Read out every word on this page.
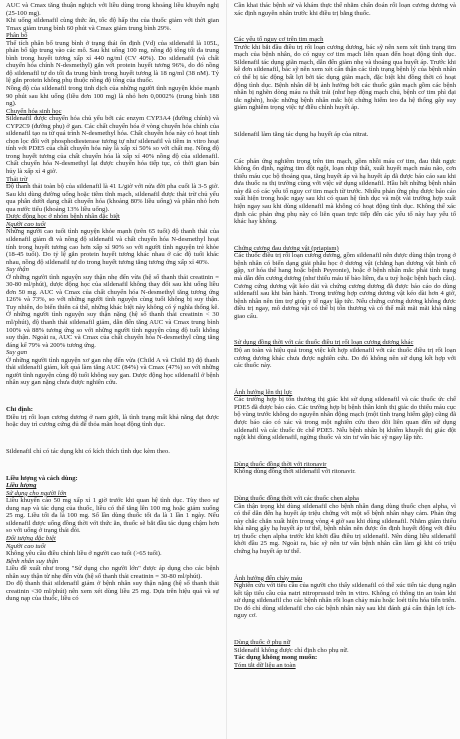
AUC và Cmax tăng thuận nghịch với liều dùng trong khoảng liều khuyến nghị (25-100 mg).

Khi uống sildenafil cùng thức ăn, tốc độ hấp thu của thuốc giảm với thời gian Tmax giảm trung bình 60 phút và Cmax giảm trung bình 29%.

Phân bố

Thể tích phân bố trung bình ở trạng thái ổn định (Vd) của sildenafil là 105L, phản bố tập trung vào các mô. Sau khi uống 100 mg, nồng độ tổng tối đa trung bình trong huyết tương xấp xỉ 440 ng/ml (CV 40%). Do sildenafil (và chất chuyển hóa chính N-desmethyl) gắn với protein huyết tương 96%, do đó nồng độ sildenafil tự do tối đa trung bình trong huyết tương là 18 ng/ml (38 nM). Tỷ lệ gắn protein không phụ thuộc nồng độ tổng của thuốc.

Nồng độ của sildenafil trong tinh dịch của những người tình nguyện khỏe mạnh 90 phút sau khi uống (liều đơn 100 mg) là nhỏ hơn 0,0002% (trung bình 188 ng).

Chuyển hóa sinh học

Sildenafil được chuyển hóa chủ yếu bởi các enzym CYP3A4 (đường chính) và CYP2C9 (đường phụ) ở gan. Các chất chuyển hóa ở vòng chuyển hóa chính của sildenafil tạo ra từ quá trình N-desmethyl hóa. Chất chuyển hóa này có hoạt tính chọn lọc đối với phosphodiesterase tương tự như sildenafil và tiềm in vitro hoạt tính với PDE5 của chất chuyển hóa này là xấp xỉ 50% so với chất mẹ. Nồng độ trong huyết tương của chất chuyển hóa là xấp xỉ 40% nồng độ của sildenafil. Chất chuyển hóa N-desmethyl lại được chuyển hóa tiếp tục, có thời gian bán hủy là xấp xỉ 4 giờ.

Thải trừ

Độ thanh thải toàn bộ của sildenafil là 41 L/giờ với nửa đời pha cuối là 3-5 giờ. Sau khi dùng đường uống hoặc tiêm tĩnh mạch, sildenafil được thải trừ chủ yếu qua phân dưới dạng chất chuyển hóa (khoảng 80% liều uống) và phần nhỏ hơn qua nước tiểu (khoảng 13% liều uống).

Dược động học ở nhóm bệnh nhân đặc biệt

Người cao tuổi

Những người cao tuổi tình nguyện khỏe mạnh (trên 65 tuổi) độ thanh thải của sildenafil giảm đi và nồng độ sildenafil và chất chuyển hóa N-desmethyl hoạt tính trong huyết tương cao hơn xấp xỉ 90% so với người tình nguyện trẻ khỏe (18-45 tuổi). Do tỷ lệ gắn protein huyết tương khác nhau ở các độ tuổi khác nhau, nồng độ sildenafil tự do trong huyết tương tăng tương ứng xấp xỉ 40%.

Suy thận

Ở những người tình nguyện suy thận nhẹ đến vừa (hệ số thanh thải creatinin = 30-80 ml/phút), dược động học của sildenafil không thay đổi sau khi uống liều đơn 50 mg. AUC và Cmax của chất chuyển hóa N-desmethyl tăng tương ứng 126% và 73%, so với những người tình nguyện cùng tuổi không bị suy thận. Tuy nhiên, do biến thiên cá thể, những khác biệt này không có ý nghĩa thống kê. Ở những người tình nguyện suy thận nặng (hệ số thanh thải creatinin < 30 ml/phút), độ thanh thải sildenafil giảm, dẫn đến tăng AUC và Cmax trung bình 100% và 88% tương ứng so với những người tình nguyện cùng độ tuổi không suy thận. Ngoài ra, AUC và Cmax của chất chuyển hóa N-desmethyl cũng tăng đáng kể 79% và 200% tương ứng.

Suy gan

Ở những người tình nguyện xơ gan nhẹ đến vừa (Child A và Child B) độ thanh thải sildenafil giảm, kết quả làm tăng AUC (84%) và Cmax (47%) so với những người tình nguyện cùng độ tuổi không suy gan. Dược động học sildenafil ở bệnh nhân suy gan nặng chưa được nghiên cứu.

Chỉ định:

Điều trị rối loạn cương dương ở nam giới, là tình trạng mất khả năng đạt được hoặc duy trì cương cứng đủ để thỏa mãn hoạt động tình dục.

Sildenafil chỉ có tác dụng khi có kích thích tình dục kèm theo.

Liều lượng và cách dùng:

Liều lượng

Sử dụng cho người lớn

Liều khuyến cáo 50 mg xấp xỉ 1 giờ trước khi quan hệ tình dục. Tùy theo sự dung nạp và tác dụng của thuốc, liều có thể tăng lên 100 mg hoặc giảm xuống 25 mg. Liều tối đa là 100 mg. Số lần dùng thuốc tối đa là 1 lần 1 ngày. Nếu sildenafil được uống đồng thời với thức ăn, thuốc sẽ bắt đầu tác dụng chậm hơn so với uống ở trạng thái đói.

Đối tượng đặc biệt

Người cao tuổi

Không yêu cầu điều chỉnh liều ở người cao tuổi (>65 tuổi).

Bệnh nhân suy thận

Liều đề xuất như trong "Sử dụng cho người lớn" được áp dụng cho các bệnh nhân suy thận từ nhẹ đến vừa (hệ số thanh thải creatinin = 30-80 ml/phút).

Do độ thanh thải sildenafil giảm ở bệnh nhân suy thận nặng (hệ số thanh thải creatinin <30 ml/phút) nên xem xét dùng liều 25 mg. Dựa trên hiệu quả và sự dung nạp của thuốc, liều có

Cần khai thác bệnh sử và khám thực thể nhằm chẩn đoán rối loạn cương dương và xác định nguyên nhân trước khi điều trị bằng thuốc.

Các yếu tố nguy cơ trên tim mạch

Trước khi bắt đầu điều trị rối loạn cương dương, bác sỹ nên xem xét tình trạng tim mạch của bệnh nhân, do có nguy cơ tim mạch liên quan đến hoạt động tình dục. Sildenafil tác dụng giãn mạch, dẫn đến giảm nhẹ và thoáng qua huyết áp. Trước khi kê đơn sildenafil, bác sỹ nên xem xét cẩn thận các tình trạng bệnh lý của bệnh nhân có thể bị tác động bất lợi bởi tác dụng giãn mạch, đặc biệt khi đồng thời có hoạt động tình dục. Bệnh nhân dễ bị ảnh hưởng bởi các thuốc giãn mạch gồm các bệnh nhân bị nghẽn dòng máu ra thất trái (như hẹp động mạch chủ, bệnh cơ tim phì đại tắc nghẽn), hoặc những bệnh nhân mắc hội chứng hiếm teo đa hệ thống gây suy giảm nghiêm trọng việc tự điều chỉnh huyết áp.

Sildenafil làm tăng tác dụng hạ huyết áp của nitrat.

Các phản ứng nghiêm trọng trên tim mạch, gồm nhồi máu cơ tim, đau thắt ngực không ổn định, ngừng tim đột ngột, loạn nhịp thất, xuất huyết mạch máu não, cơn thiếu máu cục bộ thoáng qua, tăng huyết áp và hạ huyết áp đã được báo cáo sau khi đưa thuốc ra thị trường cùng với việc sử dụng sildenafil. Hầu hết những bệnh nhân này đã có các yếu tố nguy cơ tim mạch từ trước. Nhiều phản ứng phụ được báo cáo xuất hiện trong hoặc ngay sau khi có quan hệ tình dục và một vài trường hợp xuất hiện ngay sau khi dùng sildenafil mà không có hoạt động tình dục. Không thể xác định các phản ứng phụ này có liên quan trực tiếp đến các yếu tố này hay yếu tố khác hay không.

Chứng cương đau dương vật (priapism)

Các thuốc điều trị rối loạn cương dương, gồm sildenafil nên được dùng thận trọng ở bệnh nhân có biến dạng giải phẫu học ở dương vật (chẳng hạn dương vật bình cỗ gập, xơ hóa thể hang hoặc bệnh Peyronie), hoặc ở bệnh nhân mắc phải tình trạng mà dẫn đến cương dương (như thiếu máu tế bào liềm, đa u tuỷ hoặc bệnh bạch cầu).

Cương cứng dương vật kéo dài và chứng cương dương đã được báo cáo do dùng sildenafil sau khi bán hành. Trong trường hợp cương dương vật kéo dài hơn 4 giờ, bệnh nhân nên tìm trợ giúp y tế ngay lập tức. Nếu chứng cương dương không được điều trị ngay, mô dương vật có thể bị tổn thương và có thể mất mãi mãi khả năng giao cấu.

Sử dụng đồng thời với các thuốc điều trị rối loạn cương dương khác

Độ an toàn và hiệu quả trong việc kết hợp sildenafil với các thuốc điều trị rối loạn cương dương khác chưa được nghiên cứu. Do đó không nên sử dụng kết hợp với các thuốc này.

Ảnh hưởng lên thị lực

Các trường hợp bị tổn thương thị giác khi sử dụng sildenafil và các thuốc ức chế PDE5 đã được báo cáo. Các trường hợp bị bệnh thần kinh thị giác do thiếu máu cục bộ vùng trước không do nguyên nhân động mạch (một tình trạng hiếm gặp) cũng đã được báo cáo có xác và trong một nghiên cứu theo dõi liên quan đến sử dụng sildenafil và các thuốc ức chế PDE5. Nếu bệnh nhân bị khiếm khuyết thị giác đột ngột khi dùng sildenafil, ngừng thuốc và xin tư vấn bác sỹ ngay lập tức.

Dùng thuốc đồng thời với ritonavir

Không dùng đồng thời sildenafil với ritonavir.

Dùng thuốc đồng thời với các thuốc chẹn alpha

Cần thận trọng khi dùng sildenafil cho bệnh nhân đang dùng thuốc chẹn alpha, vì có thể dẫn đến hạ huyết áp triệu chứng với một số bệnh nhân nhạy cảm. Phản ứng này chắc chắn xuất hiện trong vòng 4 giờ sau khi dùng sildenafil. Nhằm giảm thiểu khả năng gây hạ huyết áp tư thế, bệnh nhân nên được ổn định huyết động với điều trị thuốc chẹn alpha trước khi khởi đầu điều trị sildenafil. Nên dùng liều sildenafil khởi đầu 25 mg. Ngoài ra, bác sỹ nên tư vấn bệnh nhân cần làm gì khi có triệu chứng hạ huyết áp tư thế.

Ảnh hưởng đến chảy máu

Nghiên cứu với tiểu cầu của người cho thấy sildenafil có thể xúc tiến tác dụng ngăn kết tập tiểu cầu của natri nitroprussid trên in vitro. Không có thông tin an toàn khi sử dụng sildenafil cho các bệnh nhân rối loạn chảy máu hoặc loét tiêu hóa tiến triển. Do đó chỉ dùng sildenafil cho các bệnh nhân này sau khi đánh giá cẩn thận lợi ích-nguy cơ.

Dùng thuốc ở phụ nữ

Sildenafil không được chỉ định cho phụ nữ.

Tác dụng không mong muốn:

Tóm tắt dữ liệu an toàn
